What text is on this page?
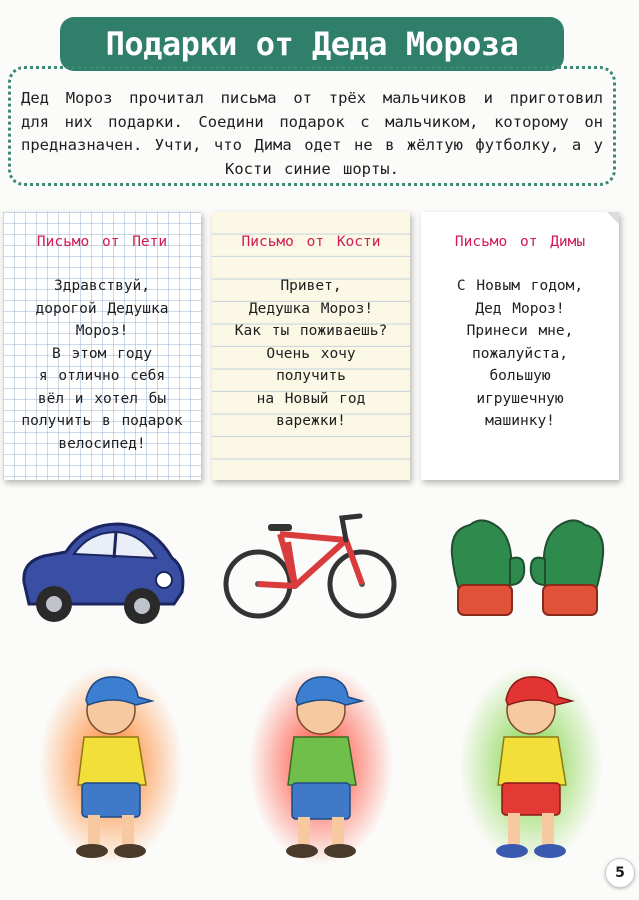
Подарки от Деда Мороза
Дед Мороз прочитал письма от трёх мальчиков и приготовил для них подарки. Соедини подарок с мальчиком, которому он предназначен. Учти, что Дима одет не в жёлтую футболку, а у Кости синие шорты.
Письмо от Пети
Здравствуй,
дорогой Дедушка
Мороз!
В этом году
я отлично себя
вёл и хотел бы
получить в подарок
велосипед!
Письмо от Кости
Привет,
Дедушка Мороз!
Как ты поживаешь?
Очень хочу
получить
на Новый год
варежки!
Письмо от Димы
С Новым годом,
Дед Мороз!
Принеси мне,
пожалуйста,
большую
игрушечную
машинку!
5
